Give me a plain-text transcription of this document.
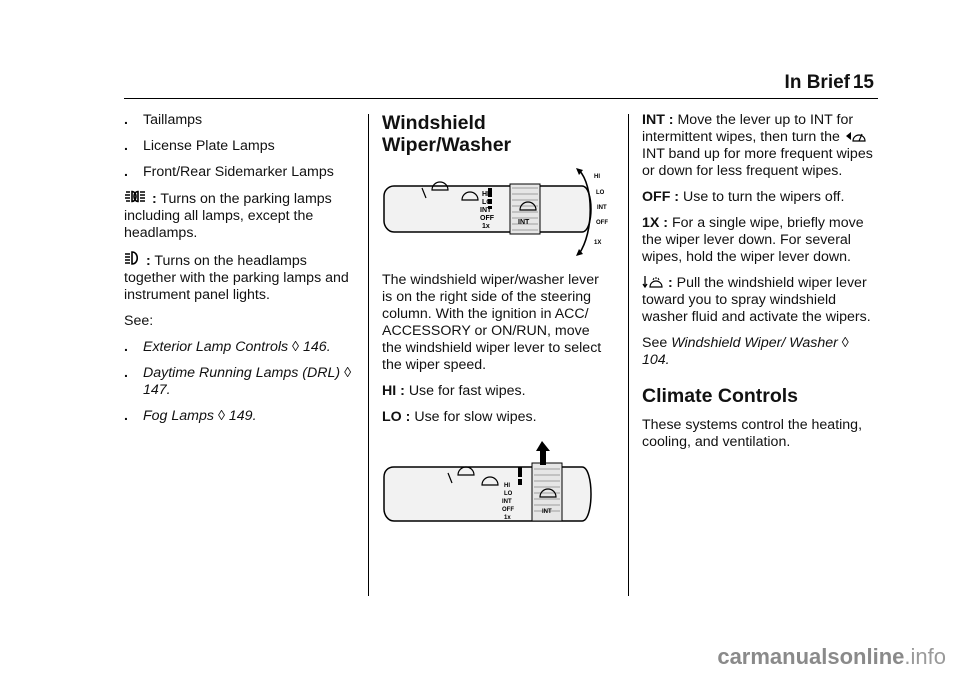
In Brief 15
.	Taillamps
.	License Plate Lamps
.	Front/Rear Sidemarker Lamps

: Turns on the parking lamps including all lamps, except the headlamps.

: Turns on the headlamps together with the parking lamps and instrument panel lights.

See:

.	Exterior Lamp Controls ◊ 146.
.	Daytime Running Lamps (DRL) ◊ 147.
.	Fog Lamps ◊ 149.
Windshield Wiper/Washer
HI
LO
INT
OFF
1x
INT
HI
LO
INT
OFF
1X

The windshield wiper/washer lever is on the right side of the steering column. With the ignition in ACC/ ACCESSORY or ON/RUN, move the windshield wiper lever to select the wiper speed.

HI : Use for fast wipes.

LO : Use for slow wipes.

HI
LO
INT
OFF
1x
INT

INT : Move the lever up to INT for intermittent wipes, then turn the  INT band up for more frequent wipes or down for less frequent wipes.

OFF : Use to turn the wipers off.

1X : For a single wipe, briefly move the wiper lever down. For several wipes, hold the wiper lever down.

: Pull the windshield wiper lever toward you to spray windshield washer fluid and activate the wipers.

See Windshield Wiper/ Washer ◊ 104.

Climate Controls

These systems control the heating, cooling, and ventilation.

carmanualsonline.info
